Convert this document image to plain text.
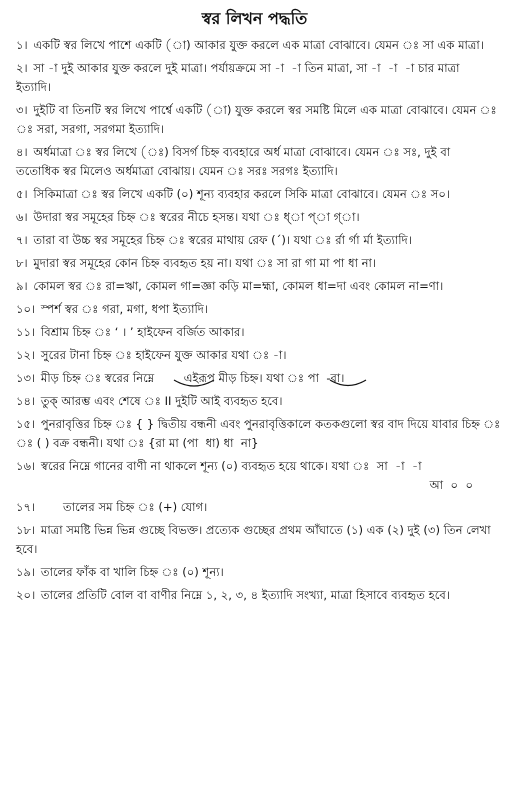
স্বর লিখন পদ্ধতি
১। একটি স্বর লিখে পাশে একটি (া) আকার যুক্ত করলে এক মাত্রা বোঝাবে। যেমন ঃ সা এক মাত্রা।
২। সা -া দুই আকার যুক্ত করলে দুই মাত্রা। পর্যায়ক্রমে সা -া  -া তিন মাত্রা, সা -া  -া  -া চার মাত্রা ইত্যাদি।
৩। দুইটি বা তিনটি স্বর লিখে পার্শ্বে একটি (া) যুক্ত করলে স্বর সমষ্টি মিলে এক মাত্রা বোঝাবে। যেমন ঃ সরা, সরগা, সরগমা ইত্যাদি।
৪। অর্ধমাত্রা ঃ স্বর লিখে (ঃ) বিসর্গ চিহ্ন ব্যবহারে অর্ধ মাত্রা বোঝাবে। যেমন ঃ সঃ, দুই বা ততোধিক স্বর মিলেও অর্ধমাত্রা বোঝায়। যেমন ঃ সরঃ সরগঃ ইত্যাদি।
৫। সিকিমাত্রা ঃ স্বর লিখে একটি (০) শূন্য ব্যবহার করলে সিকি মাত্রা বোঝাবে। যেমন ঃ স০।
৬। উদারা স্বর সমূহের চিহ্ন ঃ স্বরের নীচে হসন্ত। যথা ঃ ধ্া প্া গ্া।
৭। তারা বা উচ্চ স্বর সমূহের চিহ্ন ঃ স্বরের মাথায় রেফ (´)। যথা ঃ র্রা র্গা র্মা ইত্যাদি।
৮। মুদারা স্বর সমূহের কোন চিহ্ন ব্যবহৃত হয় না। যথা ঃ সা রা গা মা পা ধা না।
৯। কোমল স্বর ঃ রা=ঋা, কোমল গা=জ্ঞা কড়ি মা=হ্মা, কোমল ধা=দা এবং কোমল না=ণা।
১০। স্পর্শ স্বর ঃ গরা, মগা, ধপা ইত্যাদি।
১১। বিশ্রাম চিহ্ন ঃ ‘ । ’ হাইফেন বর্জিত আকার।
১২। সুরের টানা চিহ্ন ঃ হাইফেন যুক্ত আকার যথা ঃ -া।
১৩। মীড় চিহ্ন ঃ স্বরের নিম্নে        এইরূপ মীড় চিহ্ন। যথা ঃ পা  -রা।
১৪। তুক্ আরম্ভ এবং শেষে ঃ II দুইটি আই ব্যবহৃত হবে।
১৫। পুনরাবৃত্তির চিহ্ন ঃ { } দ্বিতীয় বন্ধনী এবং পুনরাবৃত্তিকালে কতকগুলো স্বর বাদ দিয়ে যাবার চিহ্ন ঃ ( ) বক্র বন্ধনী। যথা ঃ {রা মা (পা  ধা) ধা  না}
১৬। স্বরের নিম্নে গানের বাণী না থাকলে শূন্য (০) ব্যবহৃত হয়ে থাকে। যথা ঃ  সা  -া  -া
আ  ০  ০
১৭।       তালের সম চিহ্ন ঃ (+) যোগ।
১৮। মাত্রা সমষ্টি ভিন্ন ভিন্ন গুচ্ছে বিভক্ত। প্রত্যেক গুচ্ছের প্রথম আঁঘাতে (১) এক (২) দুই (৩) তিন লেখা হবে।
১৯। তালের ফাঁক বা খালি চিহ্ন ঃ (০) শূন্য।
২০। তালের প্রতিটি বোল বা বাণীর নিম্নে ১, ২, ৩, ৪ ইত্যাদি সংখ্যা, মাত্রা হিসাবে ব্যবহৃত হবে।
